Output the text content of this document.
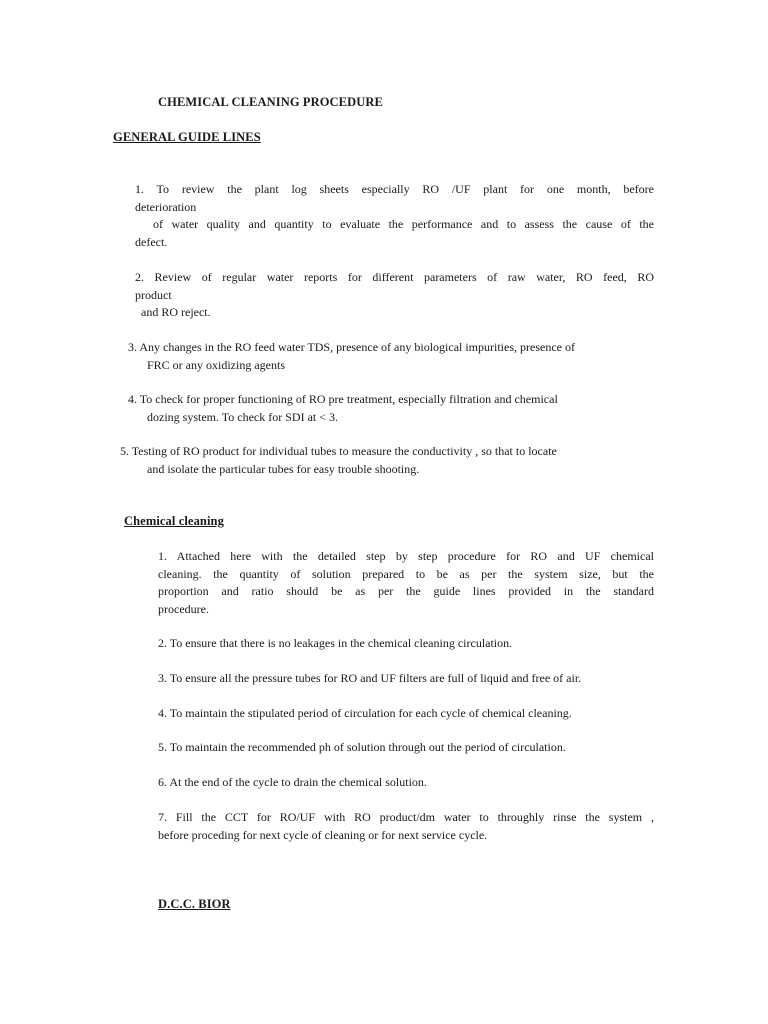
CHEMICAL CLEANING PROCEDURE
GENERAL GUIDE LINES
1. To review the plant log sheets especially RO /UF plant for one month, before
deterioration
of water quality and quantity to evaluate the performance and to assess the cause of the
defect.
2. Review of regular water reports for different parameters of raw water, RO feed, RO
product
and RO reject.
3. Any changes in the RO feed water TDS, presence of any biological impurities, presence of
FRC or any oxidizing agents
4. To check for proper functioning of RO pre treatment, especially filtration and chemical
dozing system. To check for SDI at < 3.
5. Testing of RO product for individual tubes to measure the conductivity , so that to locate
and isolate the particular tubes for easy trouble shooting.
Chemical cleaning
1. Attached here with the detailed step by step procedure for RO and UF chemical
cleaning. the quantity of solution prepared to be as per the system size, but the
proportion and ratio should be as per the guide lines provided in the standard
procedure.
2. To ensure that there is no leakages in the chemical cleaning circulation.
3. To ensure all the pressure tubes for RO and UF filters are full of liquid and free of air.
4. To maintain the stipulated period of circulation for each cycle of chemical cleaning.
5. To maintain the recommended ph of solution through out the period of circulation.
6. At the end of the cycle to drain the chemical solution.
7. Fill the CCT for RO/UF with RO product/dm water to throughly rinse the system ,
before proceding for next cycle of cleaning or for next service cycle.
D.C.C. BIOR
